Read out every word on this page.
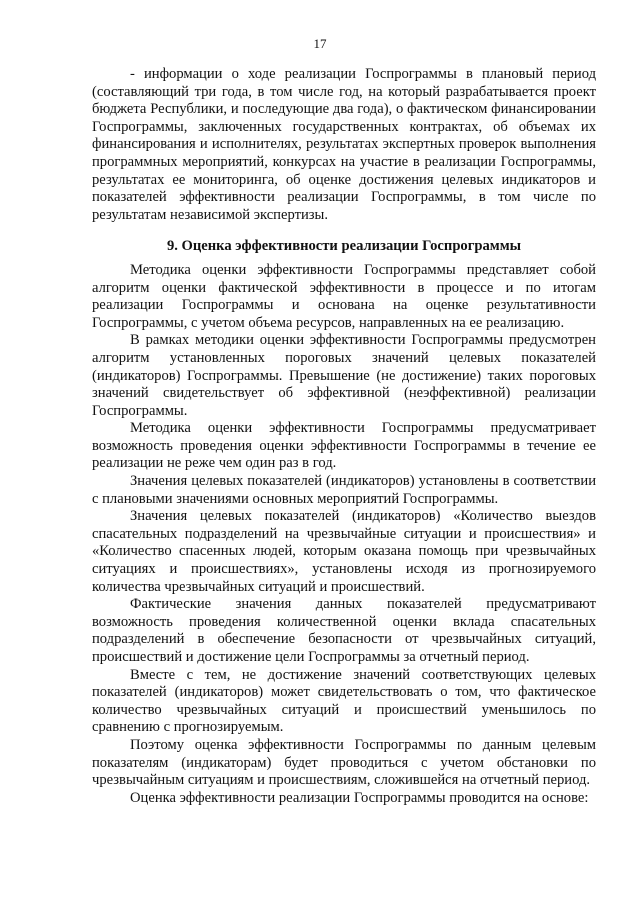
17

- информации о ходе реализации Госпрограммы в плановый период (составляющий три года, в том числе год, на который разрабатывается проект бюджета Республики, и последующие два года), о фактическом финансировании Госпрограммы, заключенных государственных контрактах, об объемах их финансирования и исполнителях, результатах экспертных проверок выполнения программных мероприятий, конкурсах на участие в реализации Госпрограммы, результатах ее мониторинга, об оценке достижения целевых индикаторов и показателей эффективности реализации Госпрограммы, в том числе по результатам независимой экспертизы.

9. Оценка эффективности реализации Госпрограммы

Методика оценки эффективности Госпрограммы представляет собой алгоритм оценки фактической эффективности в процессе и по итогам реализации Госпрограммы и основана на оценке результативности Госпрограммы, с учетом объема ресурсов, направленных на ее реализацию.

В рамках методики оценки эффективности Госпрограммы предусмотрен алгоритм установленных пороговых значений целевых показателей (индикаторов) Госпрограммы. Превышение (не достижение) таких пороговых значений свидетельствует об эффективной (неэффективной) реализации Госпрограммы.

Методика оценки эффективности Госпрограммы предусматривает возможность проведения оценки эффективности Госпрограммы в течение ее реализации не реже чем один раз в год.

Значения целевых показателей (индикаторов) установлены в соответствии с плановыми значениями основных мероприятий Госпрограммы.

Значения целевых показателей (индикаторов) «Количество выездов спасательных подразделений на чрезвычайные ситуации и происшествия» и «Количество спасенных людей, которым оказана помощь при чрезвычайных ситуациях и происшествиях», установлены исходя из прогнозируемого количества чрезвычайных ситуаций и происшествий.

Фактические значения данных показателей предусматривают возможность проведения количественной оценки вклада спасательных подразделений в обеспечение безопасности от чрезвычайных ситуаций, происшествий и достижение цели Госпрограммы за отчетный период.

Вместе с тем, не достижение значений соответствующих целевых показателей (индикаторов) может свидетельствовать о том, что фактическое количество чрезвычайных ситуаций и происшествий уменьшилось по сравнению с прогнозируемым.

Поэтому оценка эффективности Госпрограммы по данным целевым показателям (индикаторам) будет проводиться с учетом обстановки по чрезвычайным ситуациям и происшествиям, сложившейся на отчетный период.

Оценка эффективности реализации Госпрограммы проводится на основе:
